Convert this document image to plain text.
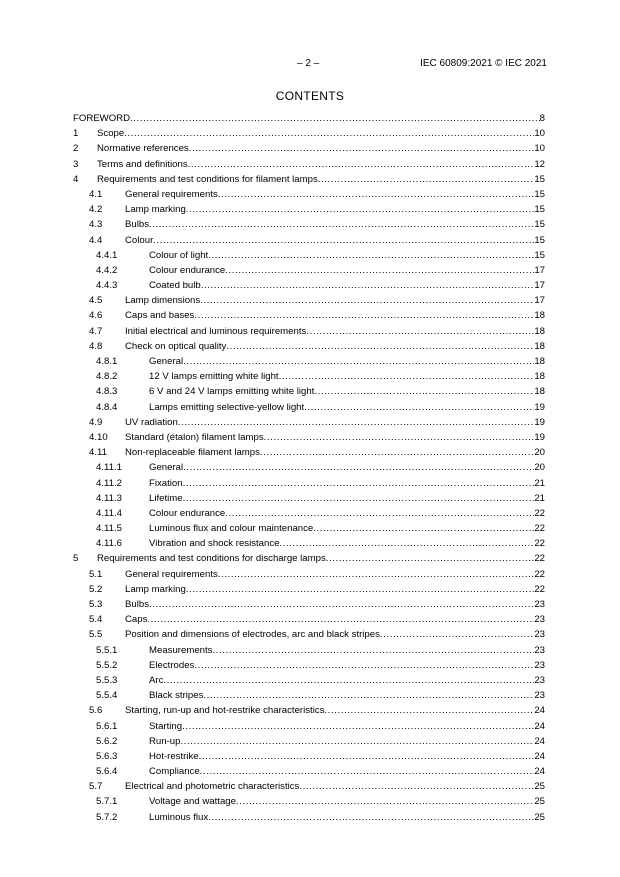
– 2 –	IEC 60809:2021 © IEC 2021
CONTENTS
FOREWORD .....	8
1	Scope .....	10
2	Normative references .....	10
3	Terms and definitions .....	12
4	Requirements and test conditions for filament lamps .....	15
4.1	General requirements .....	15
4.2	Lamp marking .....	15
4.3	Bulbs .....	15
4.4	Colour .....	15
4.4.1	Colour of light .....	15
4.4.2	Colour endurance .....	17
4.4.3	Coated bulb .....	17
4.5	Lamp dimensions .....	17
4.6	Caps and bases .....	18
4.7	Initial electrical and luminous requirements .....	18
4.8	Check on optical quality .....	18
4.8.1	General .....	18
4.8.2	12 V lamps emitting white light .....	18
4.8.3	6 V and 24 V lamps emitting white light .....	18
4.8.4	Lamps emitting selective-yellow light .....	19
4.9	UV radiation .....	19
4.10	Standard (étalon) filament lamps .....	19
4.11	Non-replaceable filament lamps .....	20
4.11.1	General .....	20
4.11.2	Fixation .....	21
4.11.3	Lifetime .....	21
4.11.4	Colour endurance .....	22
4.11.5	Luminous flux and colour maintenance .....	22
4.11.6	Vibration and shock resistance .....	22
5	Requirements and test conditions for discharge lamps .....	22
5.1	General requirements .....	22
5.2	Lamp marking .....	22
5.3	Bulbs .....	23
5.4	Caps .....	23
5.5	Position and dimensions of electrodes, arc and black stripes .....	23
5.5.1	Measurements .....	23
5.5.2	Electrodes .....	23
5.5.3	Arc .....	23
5.5.4	Black stripes .....	23
5.6	Starting, run-up and hot-restrike characteristics .....	24
5.6.1	Starting .....	24
5.6.2	Run-up .....	24
5.6.3	Hot-restrike .....	24
5.6.4	Compliance .....	24
5.7	Electrical and photometric characteristics .....	25
5.7.1	Voltage and wattage .....	25
5.7.2	Luminous flux .....	25
